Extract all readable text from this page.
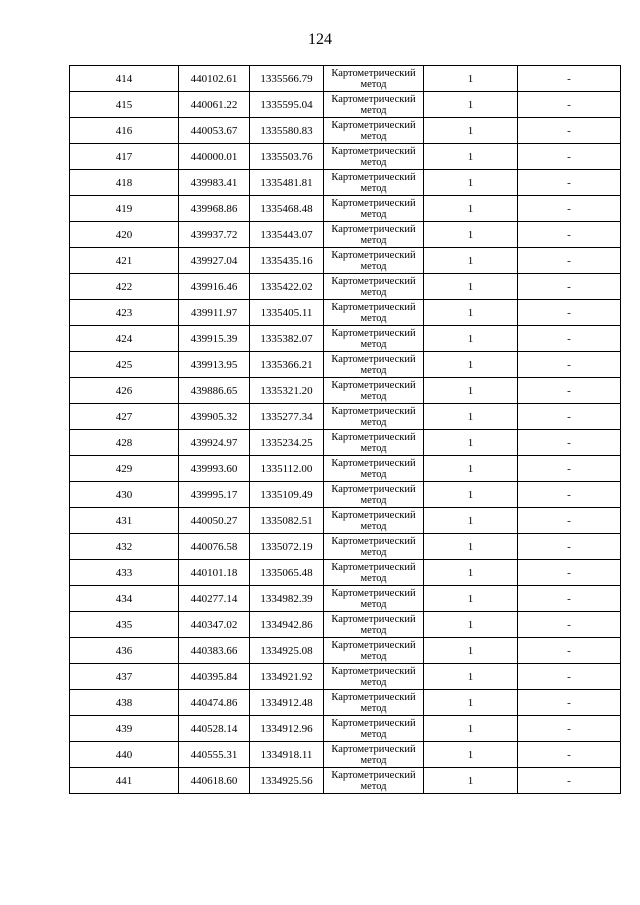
124
414	440102.61	1335566.79	Картометрический метод	1	-
415	440061.22	1335595.04	Картометрический метод	1	-
416	440053.67	1335580.83	Картометрический метод	1	-
417	440000.01	1335503.76	Картометрический метод	1	-
418	439983.41	1335481.81	Картометрический метод	1	-
419	439968.86	1335468.48	Картометрический метод	1	-
420	439937.72	1335443.07	Картометрический метод	1	-
421	439927.04	1335435.16	Картометрический метод	1	-
422	439916.46	1335422.02	Картометрический метод	1	-
423	439911.97	1335405.11	Картометрический метод	1	-
424	439915.39	1335382.07	Картометрический метод	1	-
425	439913.95	1335366.21	Картометрический метод	1	-
426	439886.65	1335321.20	Картометрический метод	1	-
427	439905.32	1335277.34	Картометрический метод	1	-
428	439924.97	1335234.25	Картометрический метод	1	-
429	439993.60	1335112.00	Картометрический метод	1	-
430	439995.17	1335109.49	Картометрический метод	1	-
431	440050.27	1335082.51	Картометрический метод	1	-
432	440076.58	1335072.19	Картометрический метод	1	-
433	440101.18	1335065.48	Картометрический метод	1	-
434	440277.14	1334982.39	Картометрический метод	1	-
435	440347.02	1334942.86	Картометрический метод	1	-
436	440383.66	1334925.08	Картометрический метод	1	-
437	440395.84	1334921.92	Картометрический метод	1	-
438	440474.86	1334912.48	Картометрический метод	1	-
439	440528.14	1334912.96	Картометрический метод	1	-
440	440555.31	1334918.11	Картометрический метод	1	-
441	440618.60	1334925.56	Картометрический метод	1	-
